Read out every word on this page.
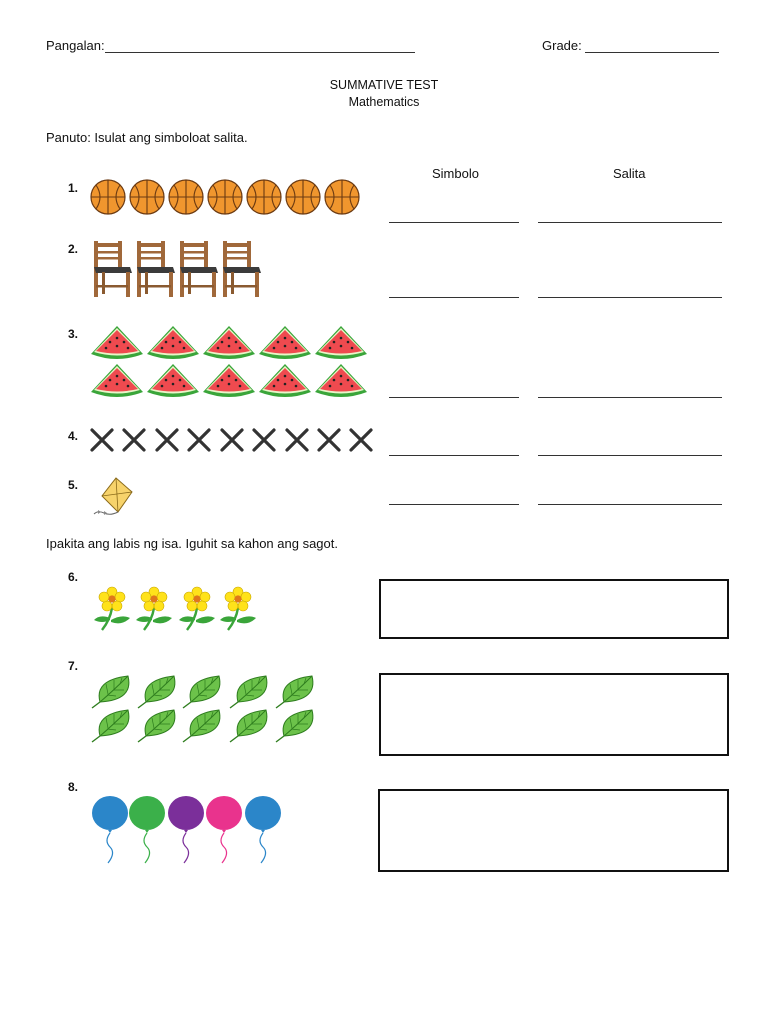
Pangalan:	Grade:
SUMMATIVE TEST
Mathematics
Panuto: Isulat ang simboloat salita.
Simbolo	Salita
1.
2.
3.
4.
5.
Ipakita ang labis ng isa. Iguhit sa kahon ang sagot.
6.
7.
8.
